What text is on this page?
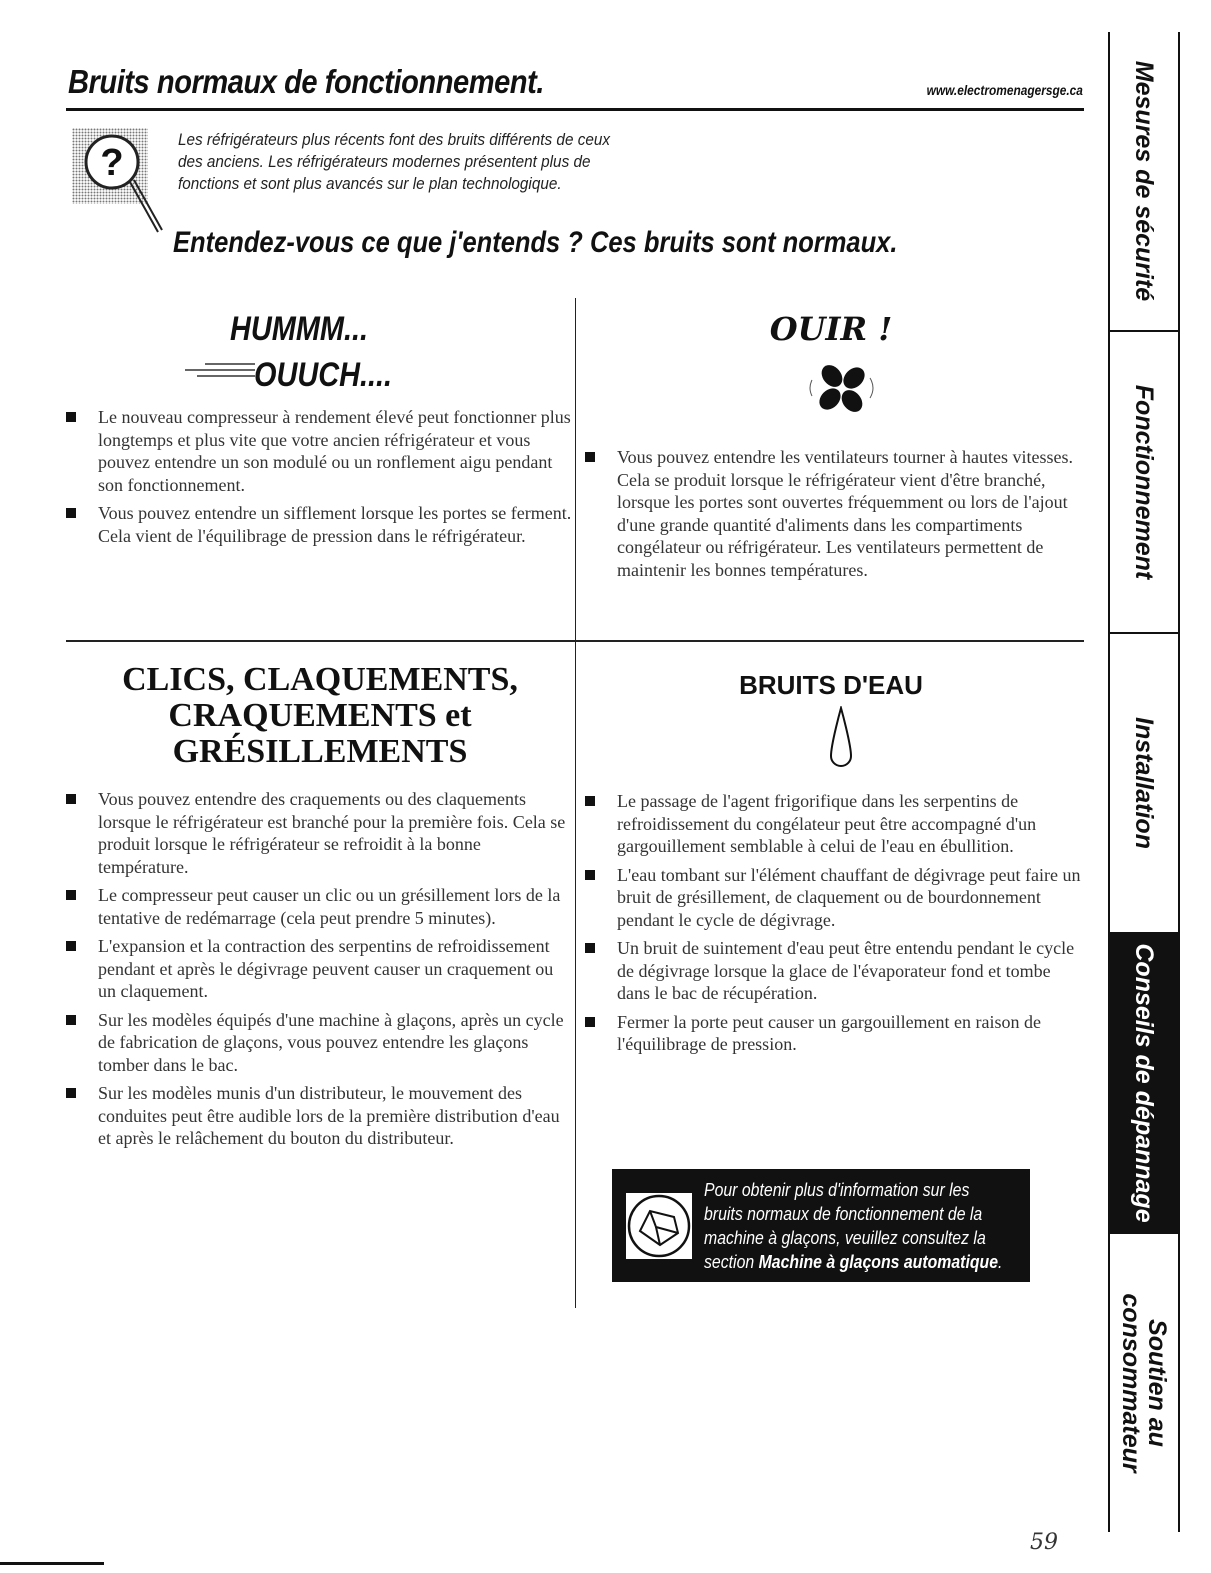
Bruits normaux de fonctionnement.	www.electromenagersge.ca
?
Les réfrigérateurs plus récents font des bruits différents de ceux
des anciens. Les réfrigérateurs modernes présentent plus de
fonctions et sont plus avancés sur le plan technologique.
Entendez-vous ce que j'entends ? Ces bruits sont normaux.
HUMMM...
OUUCH....
Le nouveau compresseur à rendement élevé peut fonctionner plus longtemps et plus vite que votre ancien réfrigérateur et vous pouvez entendre un son modulé ou un ronflement aigu pendant son fonctionnement.
Vous pouvez entendre un sifflement lorsque les portes se ferment. Cela vient de l'équilibrage de pression dans le réfrigérateur.
OUIR !
Vous pouvez entendre les ventilateurs tourner à hautes vitesses. Cela se produit lorsque le réfrigérateur vient d'être branché, lorsque les portes sont ouvertes fréquemment ou lors de l'ajout d'une grande quantité d'aliments dans les compartiments congélateur ou réfrigérateur. Les ventilateurs permettent de maintenir les bonnes températures.
CLICS, CLAQUEMENTS,
CRAQUEMENTS et
GRÉSILLEMENTS
Vous pouvez entendre des craquements ou des claquements lorsque le réfrigérateur est branché pour la première fois. Cela se produit lorsque le réfrigérateur se refroidit à la bonne température.
Le compresseur peut causer un clic ou un grésillement lors de la tentative de redémarrage (cela peut prendre 5 minutes).
L'expansion et la contraction des serpentins de refroidissement pendant et après le dégivrage peuvent causer un craquement ou un claquement.
Sur les modèles équipés d'une machine à glaçons, après un cycle de fabrication de glaçons, vous pouvez entendre les glaçons tomber dans le bac.
Sur les modèles munis d'un distributeur, le mouvement des conduites peut être audible lors de la première distribution d'eau et après le relâchement du bouton du distributeur.
BRUITS D'EAU
Le passage de l'agent frigorifique dans les serpentins de refroidissement du congélateur peut être accompagné d'un gargouillement semblable à celui de l'eau en ébullition.
L'eau tombant sur l'élément chauffant de dégivrage peut faire un bruit de grésillement, de claquement ou de bourdonnement pendant le cycle de dégivrage.
Un bruit de suintement d'eau peut être entendu pendant le cycle de dégivrage lorsque la glace de l'évaporateur fond et tombe dans le bac de récupération.
Fermer la porte peut causer un gargouillement en raison de l'équilibrage de pression.
Pour obtenir plus d'information sur les
bruits normaux de fonctionnement de la
machine à glaçons, veuillez consultez la
section Machine à glaçons automatique.
59
Mesures de sécurité
Fonctionnement
Installation
Conseils de dépannage
Soutien au
consommateur
